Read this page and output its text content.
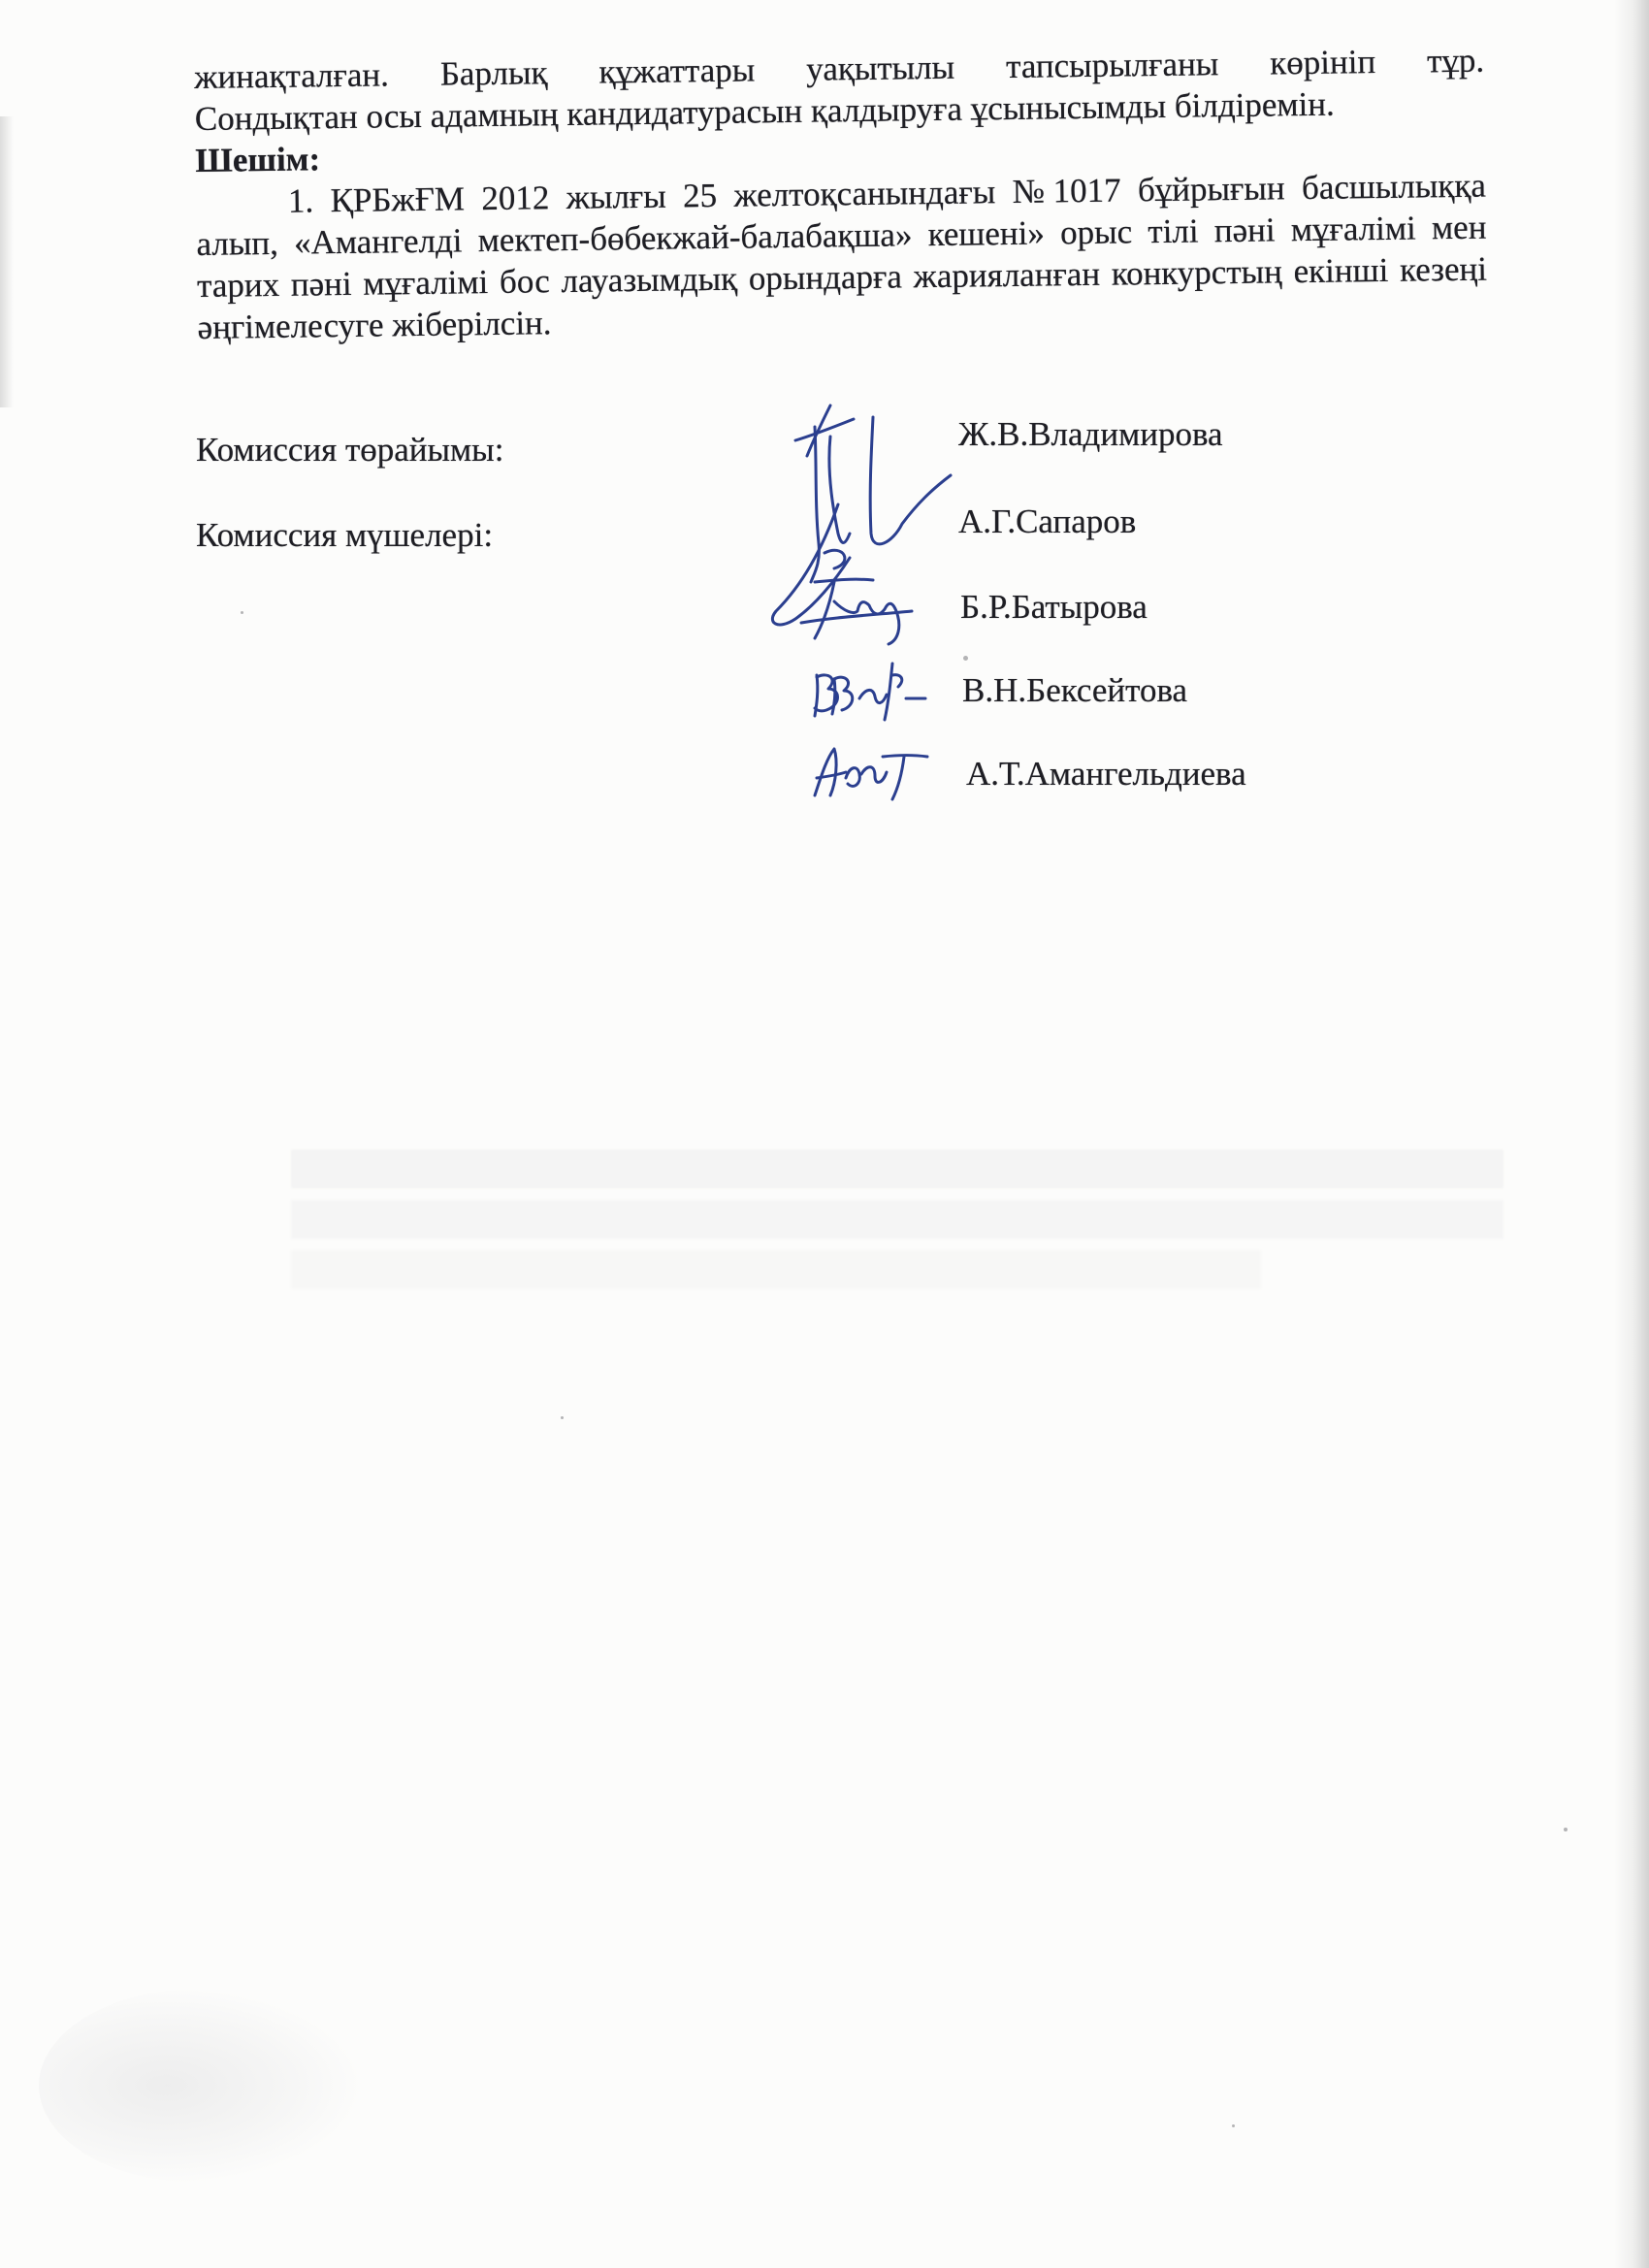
жинақталған. Барлық құжаттары уақытылы тапсырылғаны көрініп тұр.

Сондықтан осы адамның кандидатурасын қалдыруға ұсынысымды білдіремін.

Шешім:

1. ҚРБжҒМ 2012 жылғы 25 желтоқсанындағы №1017 бұйрығын басшылыққа алып, «Амангелді мектеп-бөбекжай-балабақша» кешені» орыс тілі пәні мұғалімі мен тарих пәні мұғалімі бос лауазымдық орындарға жарияланған конкурстың екінші кезеңі әңгімелесуге жіберілсін.

Комиссия төрайымы:
Комиссия мүшелері:
Ж.В.Владимирова
А.Г.Сапаров
Б.Р.Батырова
В.Н.Бексейтова
А.Т.Амангельдиева
